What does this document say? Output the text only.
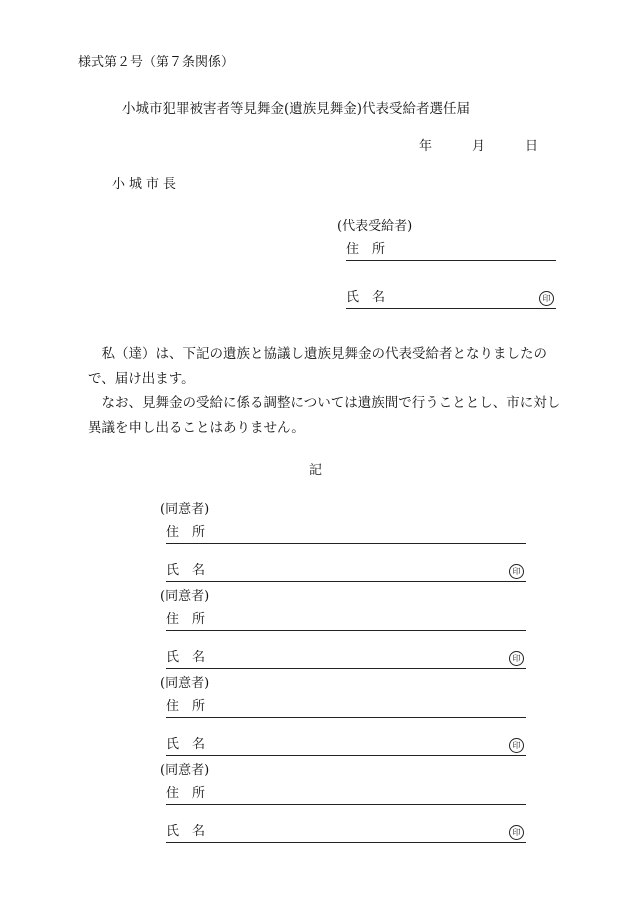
様式第２号（第７条関係）
小城市犯罪被害者等見舞金(遺族見舞金)代表受給者選任届
年	月	日
小城市長
(代表受給者)
住　所
氏　名	印

私（達）は、下記の遺族と協議し遺族見舞金の代表受給者となりましたので、届け出ます。

なお、見舞金の受給に係る調整については遺族間で行うこととし、市に対し異議を申し出ることはありません。

記
(同意者)
住　所
氏　名	印
(同意者)
住　所
氏　名	印
(同意者)
住　所
氏　名	印
(同意者)
住　所
氏　名	印
